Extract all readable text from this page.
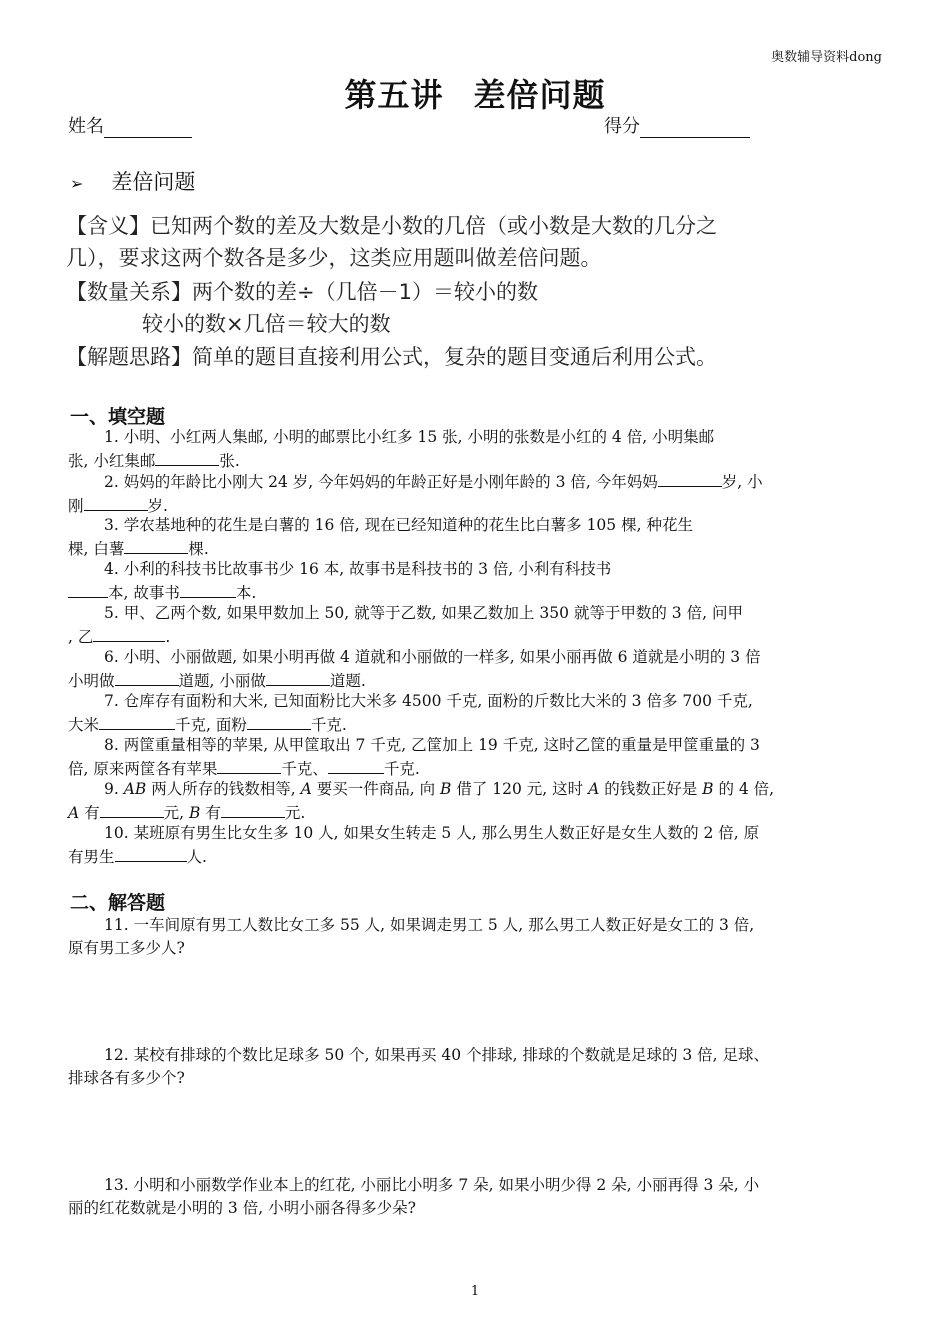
奥数辅导资料dong
第五讲 差倍问题
姓名	得分
➢ 差倍问题
【含义】已知两个数的差及大数是小数的几倍（或小数是大数的几分之
几），要求这两个数各是多少，这类应用题叫做差倍问题。
【数量关系】两个数的差÷（几倍－1）＝较小的数
较小的数×几倍＝较大的数
【解题思路】简单的题目直接利用公式，复杂的题目变通后利用公式。
一、填空题

1. 小明、小红两人集邮, 小明的邮票比小红多 15 张, 小明的张数是小红的 4 倍, 小明集邮
张, 小红集邮	张.

2. 妈妈的年龄比小刚大 24 岁, 今年妈妈的年龄正好是小刚年龄的 3 倍, 今年妈妈	岁, 小
刚	岁.

3. 学农基地种的花生是白薯的 16 倍, 现在已经知道种的花生比白薯多 105 棵, 种花生
棵, 白薯	棵.

4. 小利的科技书比故事书少 16 本, 故事书是科技书的 3 倍, 小利有科技书
本, 故事书	本.

5. 甲、乙两个数, 如果甲数加上 50, 就等于乙数, 如果乙数加上 350 就等于甲数的 3 倍, 问甲
, 乙	.

6. 小明、小丽做题, 如果小明再做 4 道就和小丽做的一样多, 如果小丽再做 6 道就是小明的 3 倍
小明做	道题, 小丽做	道题.

7. 仓库存有面粉和大米, 已知面粉比大米多 4500 千克, 面粉的斤数比大米的 3 倍多 700 千克,
大米	千克, 面粉	千克.

8. 两筐重量相等的苹果, 从甲筐取出 7 千克, 乙筐加上 19 千克, 这时乙筐的重量是甲筐重量的 3
倍, 原来两筐各有苹果	千克、	千克.

9. AB 两人所存的钱数相等, A 要买一件商品, 向 B 借了 120 元, 这时 A 的钱数正好是 B 的 4 倍,
A 有	元, B 有	元.

10. 某班原有男生比女生多 10 人, 如果女生转走 5 人, 那么男生人数正好是女生人数的 2 倍, 原
有男生	人.

二、解答题

11. 一车间原有男工人数比女工多 55 人, 如果调走男工 5 人, 那么男工人数正好是女工的 3 倍,
原有男工多少人?

12. 某校有排球的个数比足球多 50 个, 如果再买 40 个排球, 排球的个数就是足球的 3 倍, 足球、
排球各有多少个?

13. 小明和小丽数学作业本上的红花, 小丽比小明多 7 朵, 如果小明少得 2 朵, 小丽再得 3 朵, 小
丽的红花数就是小明的 3 倍, 小明小丽各得多少朵?

1
